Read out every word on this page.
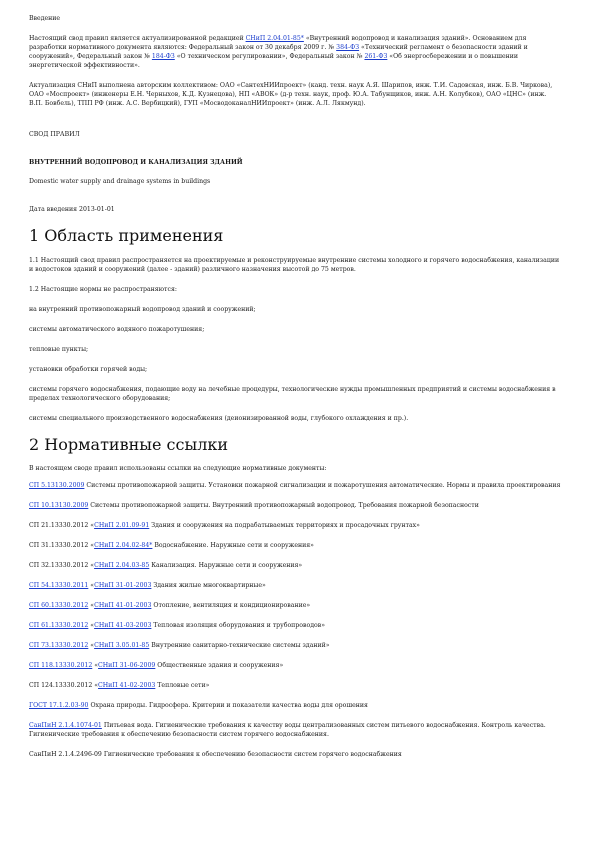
Введение

Настоящий свод правил является актуализированной редакцией СНиП 2.04.01-85* «Внутренний водопровод и канализация зданий». Основанием для разработки нормативного документа являются: Федеральный закон от 30 декабря 2009 г. № 384-ФЗ «Технический регламент о безопасности зданий и сооружений», Федеральный закон № 184-ФЗ «О техническом регулировании», Федеральный закон № 261-ФЗ «Об энергосбережении и о повышении энергетической эффективности».

Актуализация СНиП выполнена авторским коллективом: ОАО «СантехНИИпроект» (канд. техн. наук А.Я. Шарипов, инж. Т.И. Садовская, инж. Б.В. Чиркова), ОАО «Моспроект» (инженеры Е.Н. Черныхов, К.Д. Кузнецова), НП «АВОК» (д-р техн. наук, проф. Ю.А. Табунщиков, инж. А.Н. Колубков), ОАО «ЦНС» (инж. В.П. Бовбель), ТПП РФ (инж. А.С. Вербицкий), ГУП «МосводоканалНИИпроект» (инж. А.Л. Лякмунд).

СВОД ПРАВИЛ

ВНУТРЕННИЙ ВОДОПРОВОД И КАНАЛИЗАЦИЯ ЗДАНИЙ

Domestic water supply and drainage systems in buildings

Дата введения 2013-01-01

1 Область применения

1.1 Настоящий свод правил распространяется на проектируемые и реконструируемые внутренние системы холодного и горячего водоснабжения, канализации и водостоков зданий и сооружений (далее - зданий) различного назначения высотой до 75 метров.

1.2 Настоящие нормы не распространяются:

на внутренний противопожарный водопровод зданий и сооружений;

системы автоматического водяного пожаротушения;

тепловые пункты;

установки обработки горячей воды;

системы горячего водоснабжения, подающие воду на лечебные процедуры, технологические нужды промышленных предприятий и системы водоснабжения в пределах технологического оборудования;

системы специального производственного водоснабжения (деионизированной воды, глубокого охлаждения и пр.).

2 Нормативные ссылки

В настоящем своде правил использованы ссылки на следующие нормативные документы:

СП 5.13130.2009 Системы противопожарной защиты. Установки пожарной сигнализации и пожаротушения автоматические. Нормы и правила проектирования

СП 10.13130.2009 Системы противопожарной защиты. Внутренний противопожарный водопровод. Требования пожарной безопасности

СП 21.13330.2012 «СНиП 2.01.09-91 Здания и сооружения на подрабатываемых территориях и просадочных грунтах»

СП 31.13330.2012 «СНиП 2.04.02-84* Водоснабжение. Наружные сети и сооружения»

СП 32.13330.2012 «СНиП 2.04.03-85 Канализация. Наружные сети и сооружения»

СП 54.13330.2011 «СНиП 31-01-2003 Здания жилые многоквартирные»

СП 60.13330.2012 «СНиП 41-01-2003 Отопление, вентиляция и кондиционирование»

СП 61.13330.2012 «СНиП 41-03-2003 Тепловая изоляция оборудования и трубопроводов»

СП 73.13330.2012 «СНиП 3.05.01-85 Внутренние санитарно-технические системы зданий»

СП 118.13330.2012 «СНиП 31-06-2009 Общественные здания и сооружения»

СП 124.13330.2012 «СНиП 41-02-2003 Тепловые сети»

ГОСТ 17.1.2.03-90 Охрана природы. Гидросфера. Критерии и показатели качества воды для орошения

СанПиН 2.1.4.1074-01 Питьевая вода. Гигиенические требования к качеству воды централизованных систем питьевого водоснабжения. Контроль качества. Гигиенические требования к обеспечению безопасности систем горячего водоснабжения.

СанПиН 2.1.4.2496-09 Гигиенические требования к обеспечению безопасности систем горячего водоснабжения
